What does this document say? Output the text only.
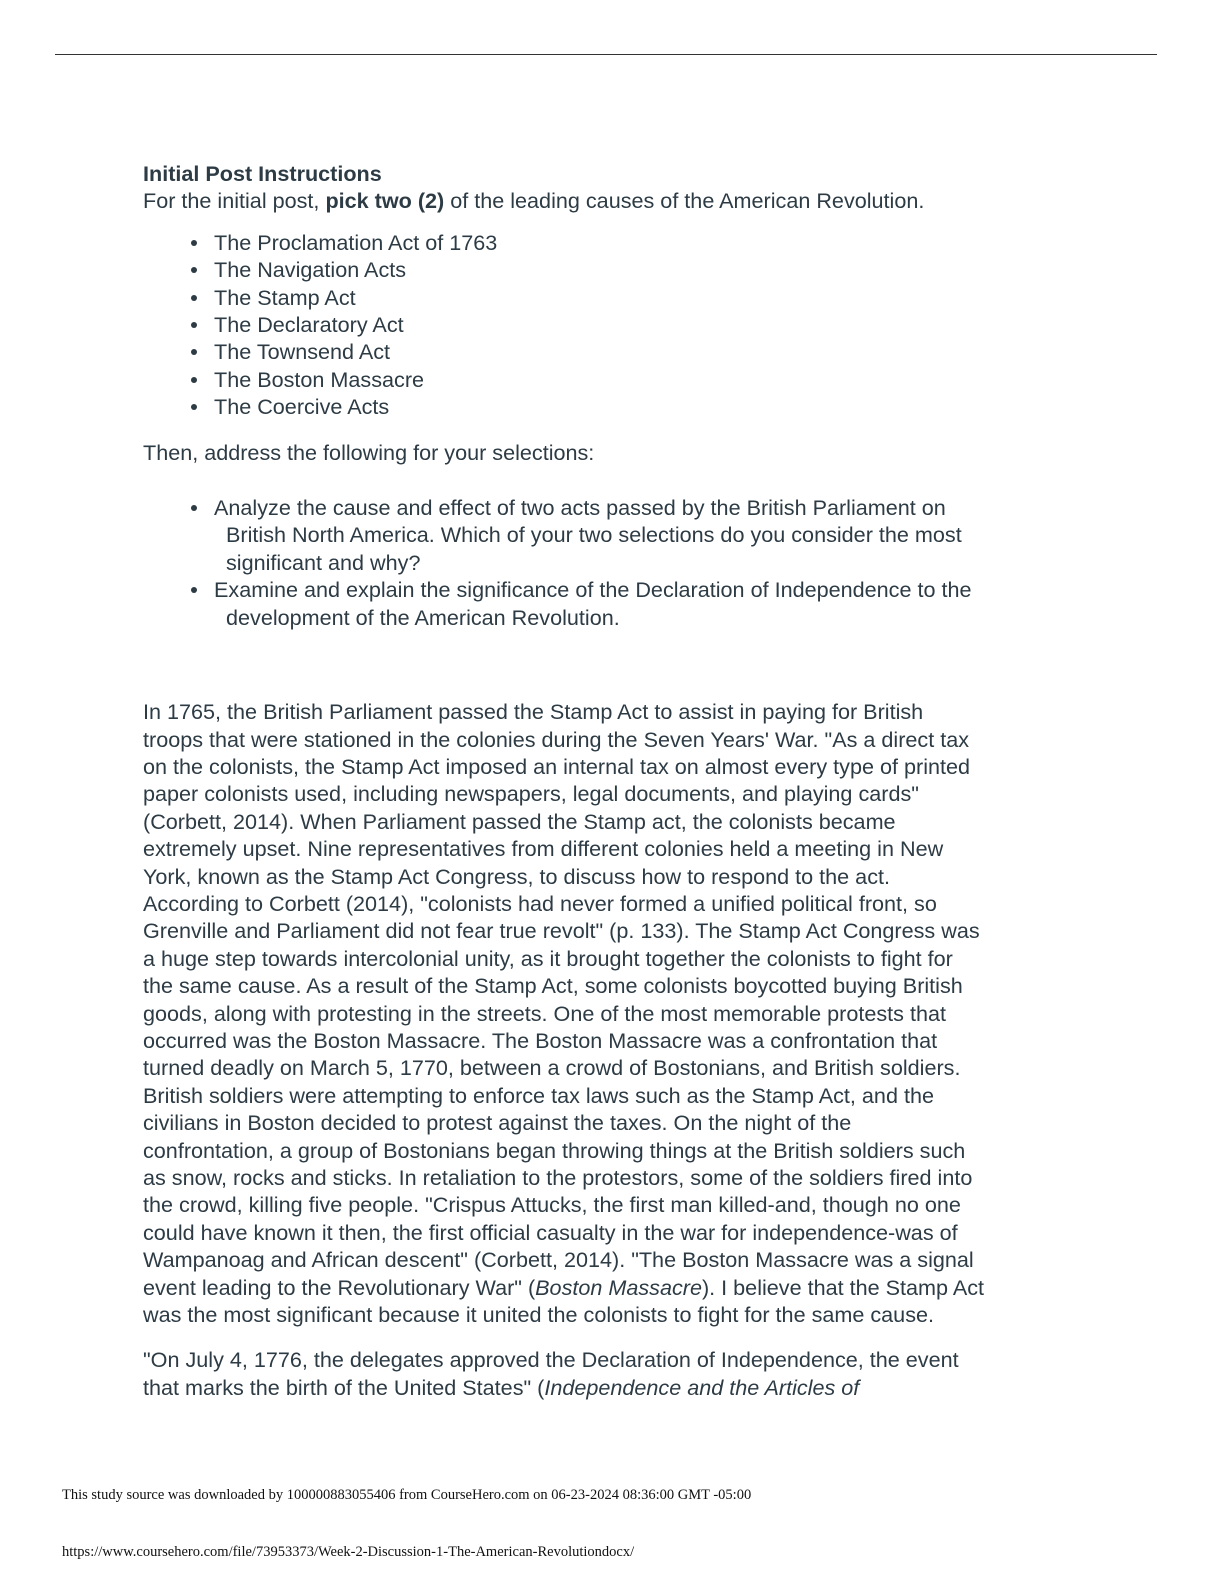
Initial Post Instructions

For the initial post, pick two (2) of the leading causes of the American Revolution.

The Proclamation Act of 1763
The Navigation Acts
The Stamp Act
The Declaratory Act
The Townsend Act
The Boston Massacre
The Coercive Acts

Then, address the following for your selections:

Analyze the cause and effect of two acts passed by the British Parliament on
British North America. Which of your two selections do you consider the most
significant and why?
Examine and explain the significance of the Declaration of Independence to the
development of the American Revolution.
In 1765, the British Parliament passed the Stamp Act to assist in paying for British
troops that were stationed in the colonies during the Seven Years' War. "As a direct tax
on the colonists, the Stamp Act imposed an internal tax on almost every type of printed
paper colonists used, including newspapers, legal documents, and playing cards"
(Corbett, 2014). When Parliament passed the Stamp act, the colonists became
extremely upset. Nine representatives from different colonies held a meeting in New
York, known as the Stamp Act Congress, to discuss how to respond to the act.
According to Corbett (2014), "colonists had never formed a unified political front, so
Grenville and Parliament did not fear true revolt" (p. 133). The Stamp Act Congress was
a huge step towards intercolonial unity, as it brought together the colonists to fight for
the same cause. As a result of the Stamp Act, some colonists boycotted buying British
goods, along with protesting in the streets. One of the most memorable protests that
occurred was the Boston Massacre. The Boston Massacre was a confrontation that
turned deadly on March 5, 1770, between a crowd of Bostonians, and British soldiers.
British soldiers were attempting to enforce tax laws such as the Stamp Act, and the
civilians in Boston decided to protest against the taxes. On the night of the
confrontation, a group of Bostonians began throwing things at the British soldiers such
as snow, rocks and sticks. In retaliation to the protestors, some of the soldiers fired into
the crowd, killing five people. "Crispus Attucks, the first man killed-and, though no one
could have known it then, the first official casualty in the war for independence-was of
Wampanoag and African descent" (Corbett, 2014). "The Boston Massacre was a signal
event leading to the Revolutionary War" (Boston Massacre). I believe that the Stamp Act
was the most significant because it united the colonists to fight for the same cause.
"On July 4, 1776, the delegates approved the Declaration of Independence, the event
that marks the birth of the United States" (Independence and the Articles of
This study source was downloaded by 100000883055406 from CourseHero.com on 06-23-2024 08:36:00 GMT -05:00
https://www.coursehero.com/file/73953373/Week-2-Discussion-1-The-American-Revolutiondocx/
